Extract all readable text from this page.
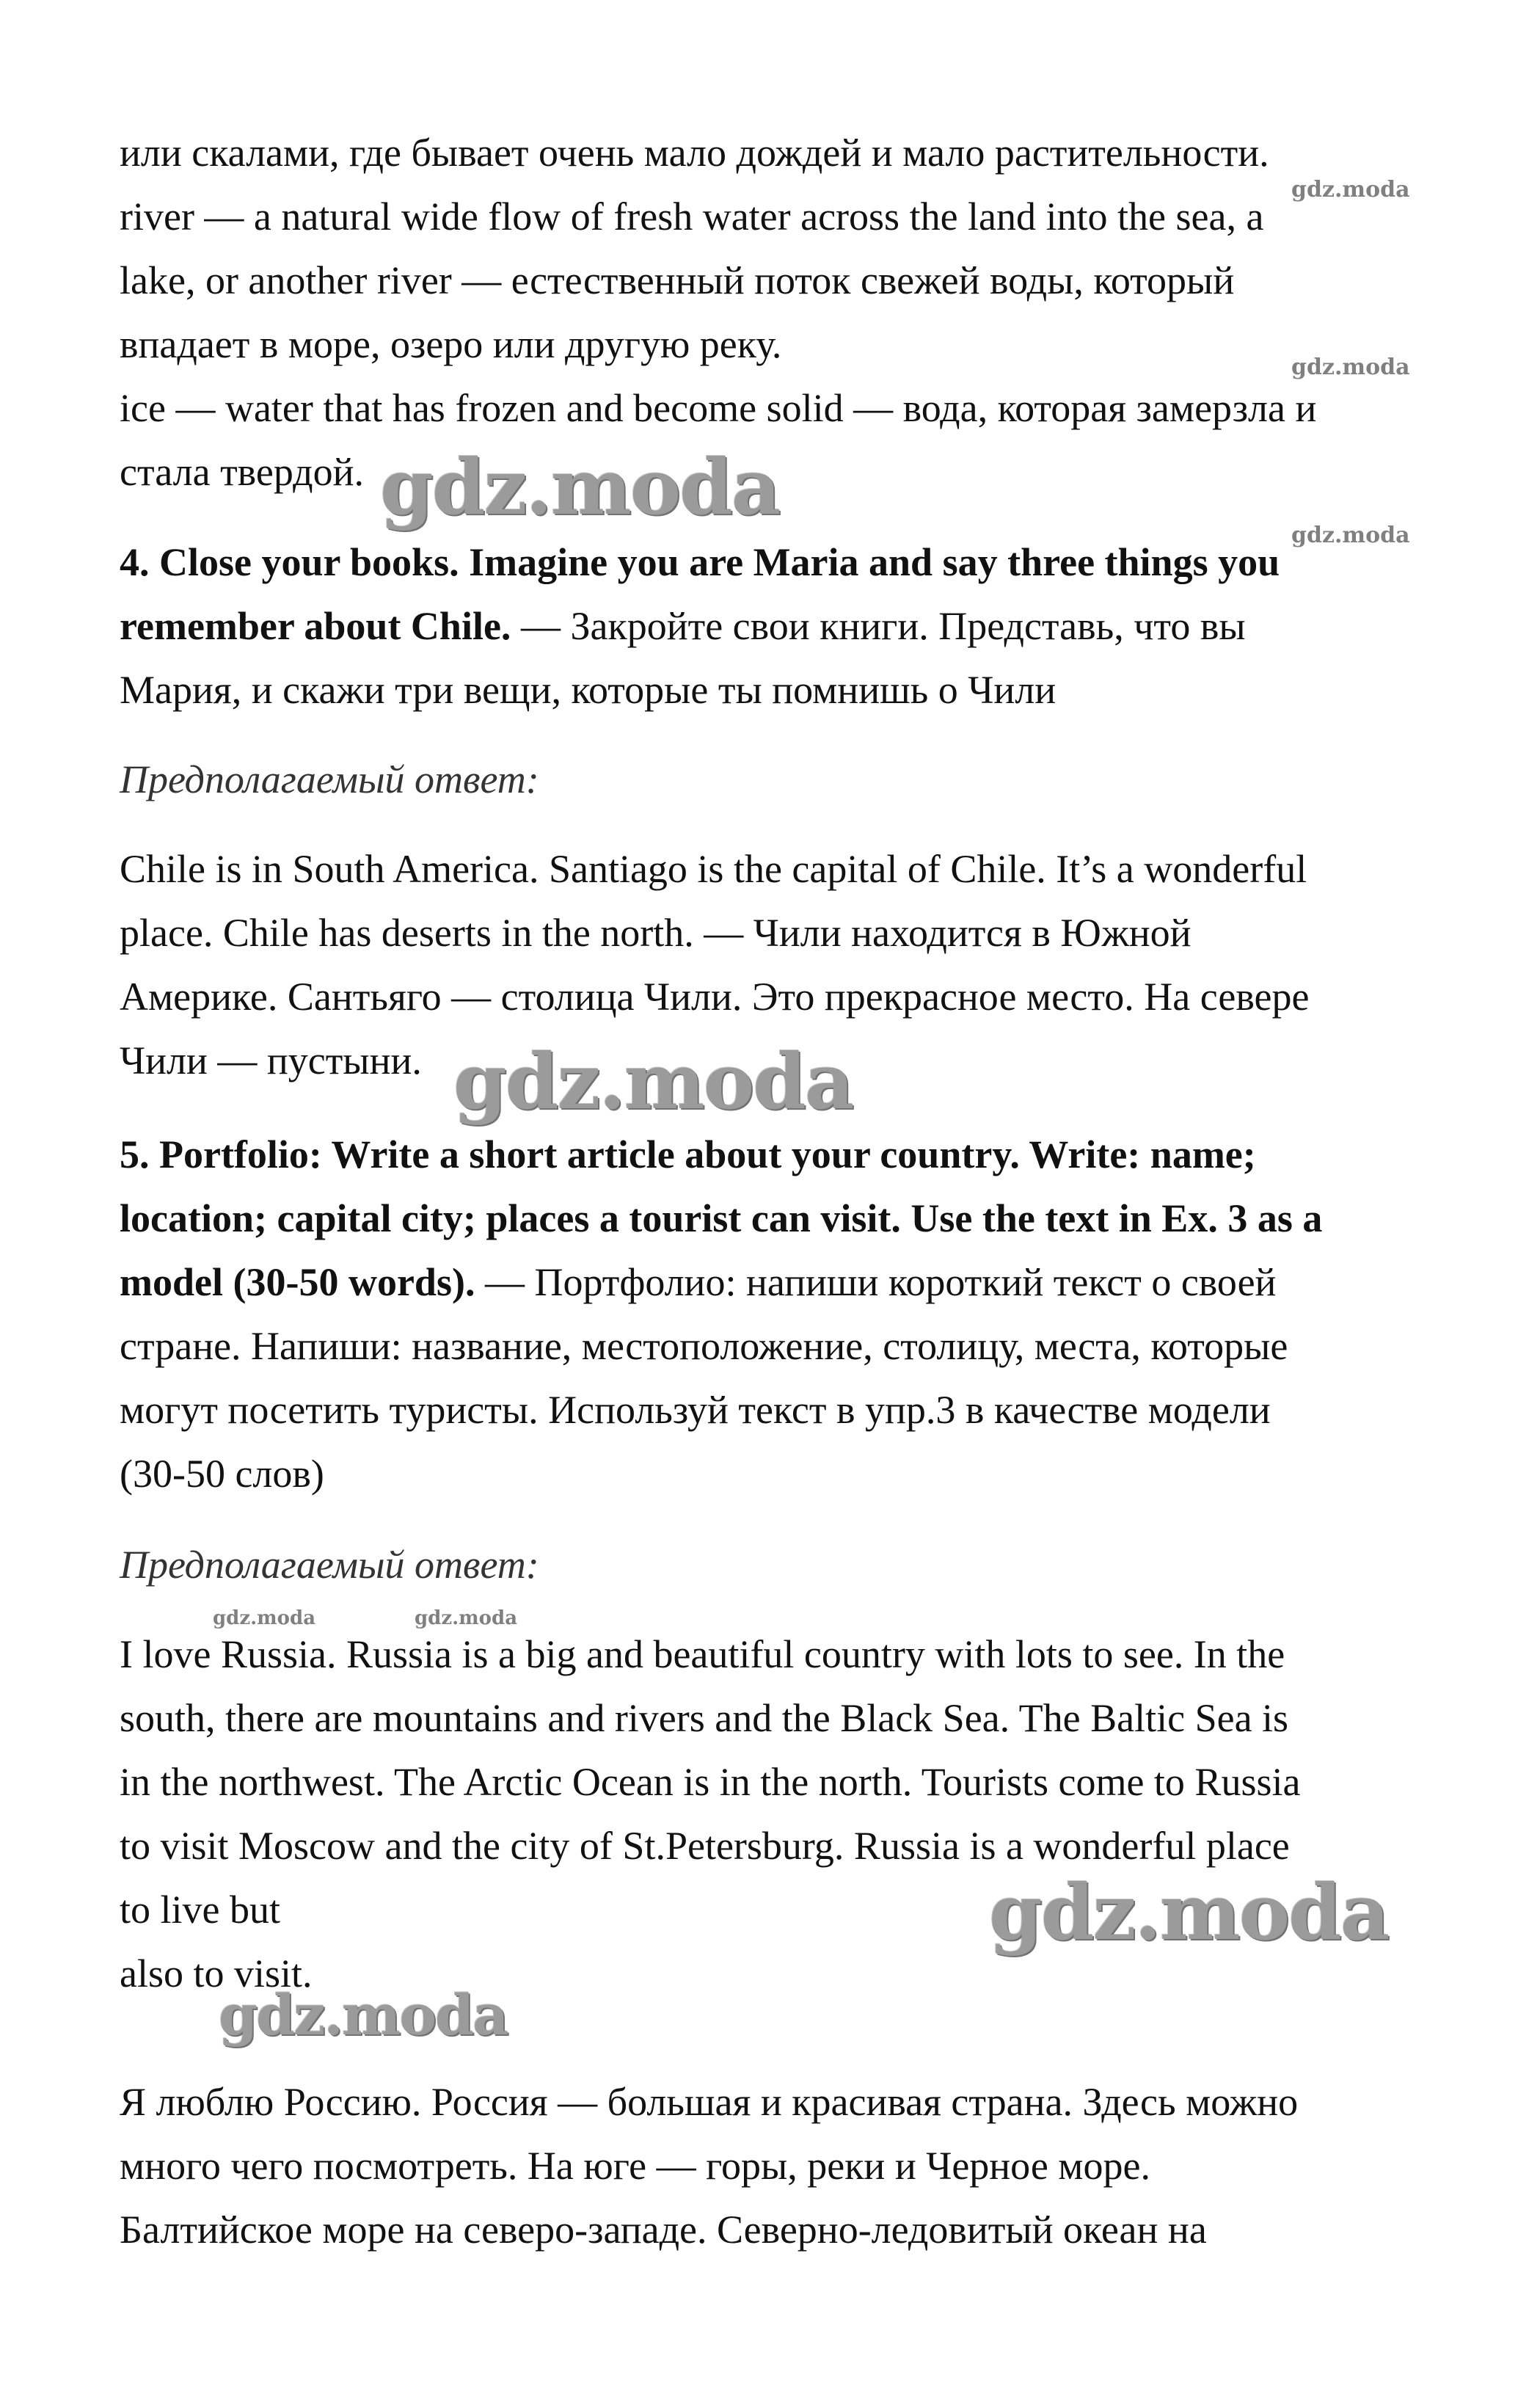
или скалами, где бывает очень мало дождей и мало растительности.
river — a natural wide flow of fresh water across the land into the sea, a
lake, or another river — естественный поток свежей воды, который
впадает в море, озеро или другую реку.
ice — water that has frozen and become solid — вода, которая замерзла и
стала твердой.
4. Close your books. Imagine you are Maria and say three things you
remember about Chile. — Закройте свои книги. Представь, что вы
Мария, и скажи три вещи, которые ты помнишь о Чили
Предполагаемый ответ:
Chile is in South America. Santiago is the capital of Chile. It’s a wonderful
place. Chile has deserts in the north. — Чили находится в Южной
Америке. Сантьяго — столица Чили. Это прекрасное место. На севере
Чили — пустыни.
5. Portfolio: Write a short article about your country. Write: name;
location; capital city; places a tourist can visit. Use the text in Ex. 3 as a
model (30-50 words). — Портфолио: напиши короткий текст о своей
стране. Напиши: название, местоположение, столицу, места, которые
могут посетить туристы. Используй текст в упр.3 в качестве модели
(30-50 слов)
Предполагаемый ответ:
I love Russia. Russia is a big and beautiful country with lots to see. In the
south, there are mountains and rivers and the Black Sea. The Baltic Sea is
in the northwest. The Arctic Ocean is in the north. Tourists come to Russia
to visit Moscow and the city of St.Petersburg. Russia is a wonderful place
to live but
also to visit.
Я люблю Россию. Россия — большая и красивая страна. Здесь можно
много чего посмотреть. На юге — горы, реки и Черное море.
Балтийское море на северо-западе. Северно-ледовитый океан на
gdz.moda
gdz.moda
gdz.moda
gdz.moda
gdz.moda
gdz.moda
gdz.moda
gdz.moda	gdz.moda
